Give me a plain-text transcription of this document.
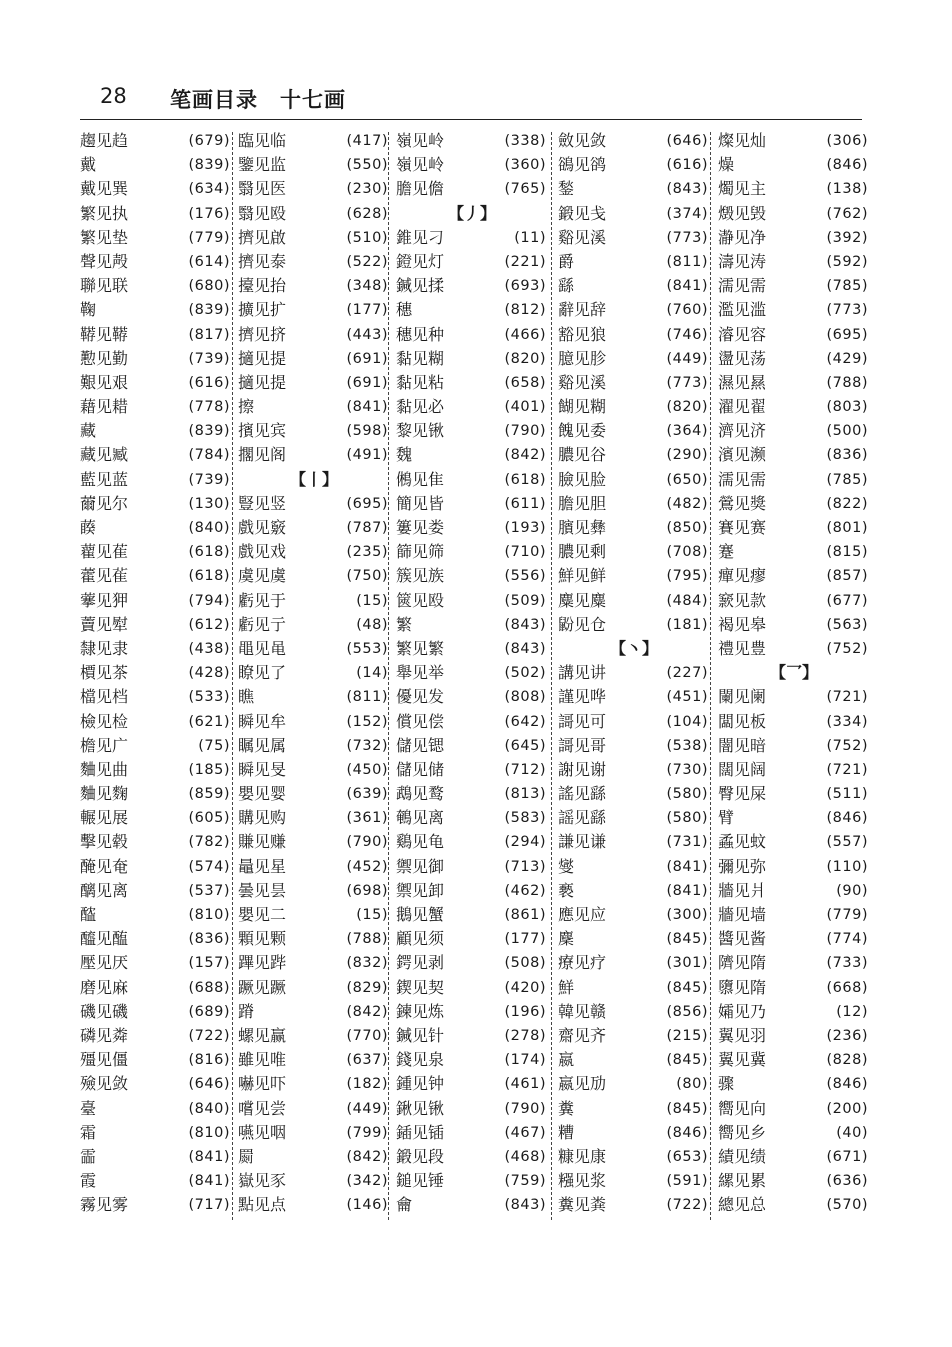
28 笔画目录　十七画
趨见趋	(679)
戴	(839)
戴见巽	(634)
繁见执	(176)
繁见垫	(779)
聲见殸	(614)
聯见联	(680)
鞠	(839)
鞯见鞯	(817)
懃见勤	(739)
艱见艰	(616)
藉见耤	(778)
藏	(839)
藏见臧	(784)
藍见蓝	(739)
薾见尔	(130)
藈	(840)
藋见萑	(618)
藿见雈	(618)
藆见狎	(794)
藚见犚	(612)
隸见隶	(438)
檟见茶	(428)
檔见档	(533)
檢见检	(621)
檐见广	(75)
麯见曲	(185)
麯见麴	(859)
輾见展	(605)
擊见毂	(782)
醃见奄	(574)
醨见离	(537)
醓	(810)
醯见醢	(836)
壓见厌	(157)
磨见麻	(688)
磯见磯	(689)
磷见粦	(722)
殭见僵	(816)
殮见敛	(646)
臺	(840)
霜	(810)
霝	(841)
霞	(841)
霧见雾	(717)
臨见临	(417)
鑒见监	(550)
翳见医	(230)
翳见殴	(628)
擠见啟	(510)
擠见泰	(522)
擡见抬	(348)
擴见扩	(177)
擠见挤	(443)
擿见提	(691)
擿见提	(691)
擦	(841)
擯见宾	(598)
擱见阁	(491)
【丨】
豎见竖	(695)
戲见竅	(787)
戲见戏	(235)
虞见虞	(750)
虧见于	(15)
虧见亍	(48)
黽见黾	(553)
瞭见了	(14)
瞧	(811)
瞬见牟	(152)
瞩见属	(732)
瞬见旻	(450)
嬰见婴	(639)
購见购	(361)
賺见赚	(790)
鼂见星	(452)
曇见昙	(698)
嬰见二	(15)
顆见颗	(788)
蹕见跸	(832)
蹶见蹶	(829)
蹐	(842)
螺见赢	(770)
雖见唯	(637)
嚇见吓	(182)
嚐见尝	(449)
嚥见咽	(799)
罽	(842)
嶽见豕	(342)
點见点	(146)
嶺见岭	(338)
嶺见岭	(360)
膽见儋	(765)
【丿】
錐见刁	(11)
鐙见灯	(221)
鍼见揉	(693)
穗	(812)
穗见种	(466)
黏见糊	(820)
黏见粘	(658)
黏见必	(401)
黎见锹	(790)
魏	(842)
鵂见隹	(618)
簡见皆	(611)
簍见娄	(193)
篩见筛	(710)
簇见族	(556)
篋见殴	(509)
繁	(843)
繁见繁	(843)
舉见举	(502)
優见发	(808)
償见偿	(642)
儲见锶	(645)
儲见储	(712)
鵡见鹜	(813)
鵪见离	(583)
鷄见龟	(294)
禦见御	(713)
禦见卸	(462)
鵝见蟹	(861)
顧见须	(177)
鍔见剥	(508)
鍥见契	(420)
鍊见炼	(196)
鍼见针	(278)
錢见泉	(174)
鍾见钟	(461)
鍬见锹	(790)
鍤见锸	(467)
鍛见段	(468)
鎚见锤	(759)
龠	(843)
斂见敛	(646)
鵒见鹆	(616)
鍫	(843)
鍛见戋	(374)
谿见溪	(773)
爵	(811)
繇	(841)
辭见辞	(760)
豁见狼	(746)
臆见胗	(449)
谿见溪	(773)
餬见糊	(820)
餽见委	(364)
膿见谷	(290)
臉见脸	(650)
膽见胆	(482)
臏见彝	(850)
膿见剩	(708)
鮮见鲜	(795)
麋见麋	(484)
鼢见仓	(181)
【丶】
講见讲	(227)
謹见哗	(451)
謌见可	(104)
謌见哥	(538)
謝见谢	(730)
謠见繇	(580)
謡见繇	(580)
謙见谦	(731)
燮	(841)
褻	(841)
應见应	(300)
麇	(845)
療见疗	(301)
鮮	(845)
韓见赣	(856)
齋见齐	(215)
嬴	(845)
嬴见劢	(80)
糞	(845)
糟	(846)
糠见康	(653)
糨见浆	(591)
糞见粪	(722)
燦见灿	(306)
燥	(846)
燭见主	(138)
燬见毁	(762)
瀞见净	(392)
濤见涛	(592)
濡见需	(785)
濫见滥	(773)
濬见容	(695)
盪见荡	(429)
濕见㬎	(788)
濯见翟	(803)
濟见济	(500)
濱见濒	(836)
濡见需	(785)
鶯见獎	(822)
賽见赛	(801)
蹇	(815)
癉见瘳	(857)
窾见款	(677)
褐见皋	(563)
禮见豊	(752)
【乛】
闌见阑	(721)
闆见板	(334)
闇见暗	(752)
闊见阔	(721)
臀见屎	(511)
臂	(846)
蟊见蚊	(557)
彌见弥	(110)
牆见爿	(90)
牆见墙	(779)
醬见酱	(774)
隮见隋	(733)
隳见隋	(668)
孀见乃	(12)
翼见羽	(236)
翼见冀	(828)
骤	(846)
嚮见向	(200)
嚮见乡	(40)
績见绩	(671)
縲见累	(636)
總见总	(570)
